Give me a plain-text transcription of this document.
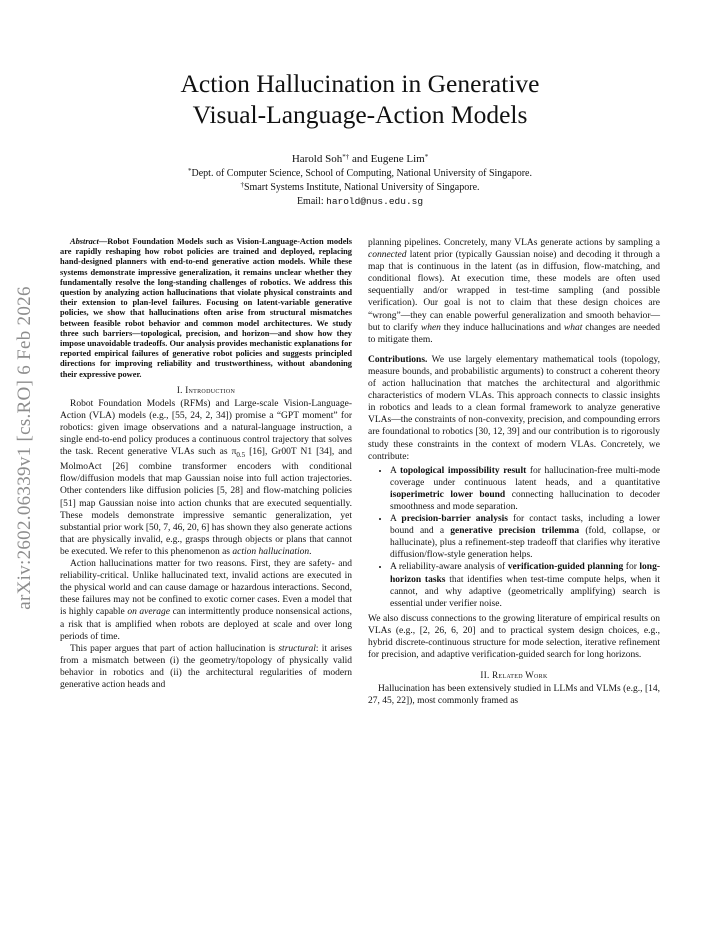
arXiv:2602.06339v1 [cs.RO] 6 Feb 2026
Action Hallucination in Generative
Visual-Language-Action Models
Harold Soh*† and Eugene Lim*
*Dept. of Computer Science, School of Computing, National University of Singapore.
†Smart Systems Institute, National University of Singapore.
Email: harold@nus.edu.sg

Abstract—Robot Foundation Models such as Vision-Language-Action models are rapidly reshaping how robot policies are trained and deployed, replacing hand-designed planners with end-to-end generative action models. While these systems demonstrate impressive generalization, it remains unclear whether they fundamentally resolve the long-standing challenges of robotics. We address this question by analyzing action hallucinations that violate physical constraints and their extension to plan-level failures. Focusing on latent-variable generative policies, we show that hallucinations often arise from structural mismatches between feasible robot behavior and common model architectures. We study three such barriers—topological, precision, and horizon—and show how they impose unavoidable tradeoffs. Our analysis provides mechanistic explanations for reported empirical failures of generative robot policies and suggests principled directions for improving reliability and trustworthiness, without abandoning their expressive power.

I. Introduction

Robot Foundation Models (RFMs) and Large-scale Vision-Language-Action (VLA) models (e.g., [55, 24, 2, 34]) promise a “GPT moment” for robotics: given image observations and a natural-language instruction, a single end-to-end policy produces a continuous control trajectory that solves the task. Recent generative VLAs such as $\pi_{0.5}$ [16], Gr00T N1 [34], and MolmoAct [26] combine transformer encoders with conditional flow/diffusion models that map Gaussian noise into full action trajectories. Other contenders like diffusion policies [5, 28] and flow-matching policies [51] map Gaussian noise into action chunks that are executed sequentially. These models demonstrate impressive semantic generalization, yet substantial prior work [50, 7, 46, 20, 6] has shown they also generate actions that are physically invalid, e.g., grasps through objects or plans that cannot be executed. We refer to this phenomenon as action hallucination.

Action hallucinations matter for two reasons. First, they are safety- and reliability-critical. Unlike hallucinated text, invalid actions are executed in the physical world and can cause damage or hazardous interactions. Second, these failures may not be confined to exotic corner cases. Even a model that is highly capable on average can intermittently produce nonsensical actions, a risk that is amplified when robots are deployed at scale and over long periods of time.

This paper argues that part of action hallucination is structural: it arises from a mismatch between (i) the geometry/topology of physically valid behavior in robotics and (ii) the architectural regularities of modern generative action heads and

planning pipelines. Concretely, many VLAs generate actions by sampling a connected latent prior (typically Gaussian noise) and decoding it through a map that is continuous in the latent (as in diffusion, flow-matching, and conditional flows). At execution time, these models are often used sequentially and/or wrapped in test-time sampling (and possible verification). Our goal is not to claim that these design choices are “wrong”—they can enable powerful generalization and smooth behavior—but to clarify when they induce hallucinations and what changes are needed to mitigate them.

Contributions. We use largely elementary mathematical tools (topology, measure bounds, and probabilistic arguments) to construct a coherent theory of action hallucination that matches the architectural and algorithmic characteristics of modern VLAs. This approach connects to classic insights in robotics and leads to a clean formal framework to analyze generative VLAs—the constraints of non-convexity, precision, and compounding errors are foundational to robotics [30, 12, 39] and our contribution is to rigorously study these constraints in the context of modern VLAs. Concretely, we contribute:

• A topological impossibility result for hallucination-free multi-mode coverage under continuous latent heads, and a quantitative isoperimetric lower bound connecting hallucination to decoder smoothness and mode separation.
• A precision-barrier analysis for contact tasks, including a lower bound and a generative precision trilemma (fold, collapse, or hallucinate), plus a refinement-step tradeoff that clarifies why iterative diffusion/flow-style generation helps.
• A reliability-aware analysis of verification-guided planning for long-horizon tasks that identifies when test-time compute helps, when it cannot, and why adaptive (geometrically amplifying) search is essential under verifier noise.

We also discuss connections to the growing literature of empirical results on VLAs (e.g., [2, 26, 6, 20] and to practical system design choices, e.g., hybrid discrete-continuous structure for mode selection, iterative refinement for precision, and adaptive verification-guided search for long horizons.

II. Related Work

Hallucination has been extensively studied in LLMs and VLMs (e.g., [14, 27, 45, 22]), most commonly framed as
